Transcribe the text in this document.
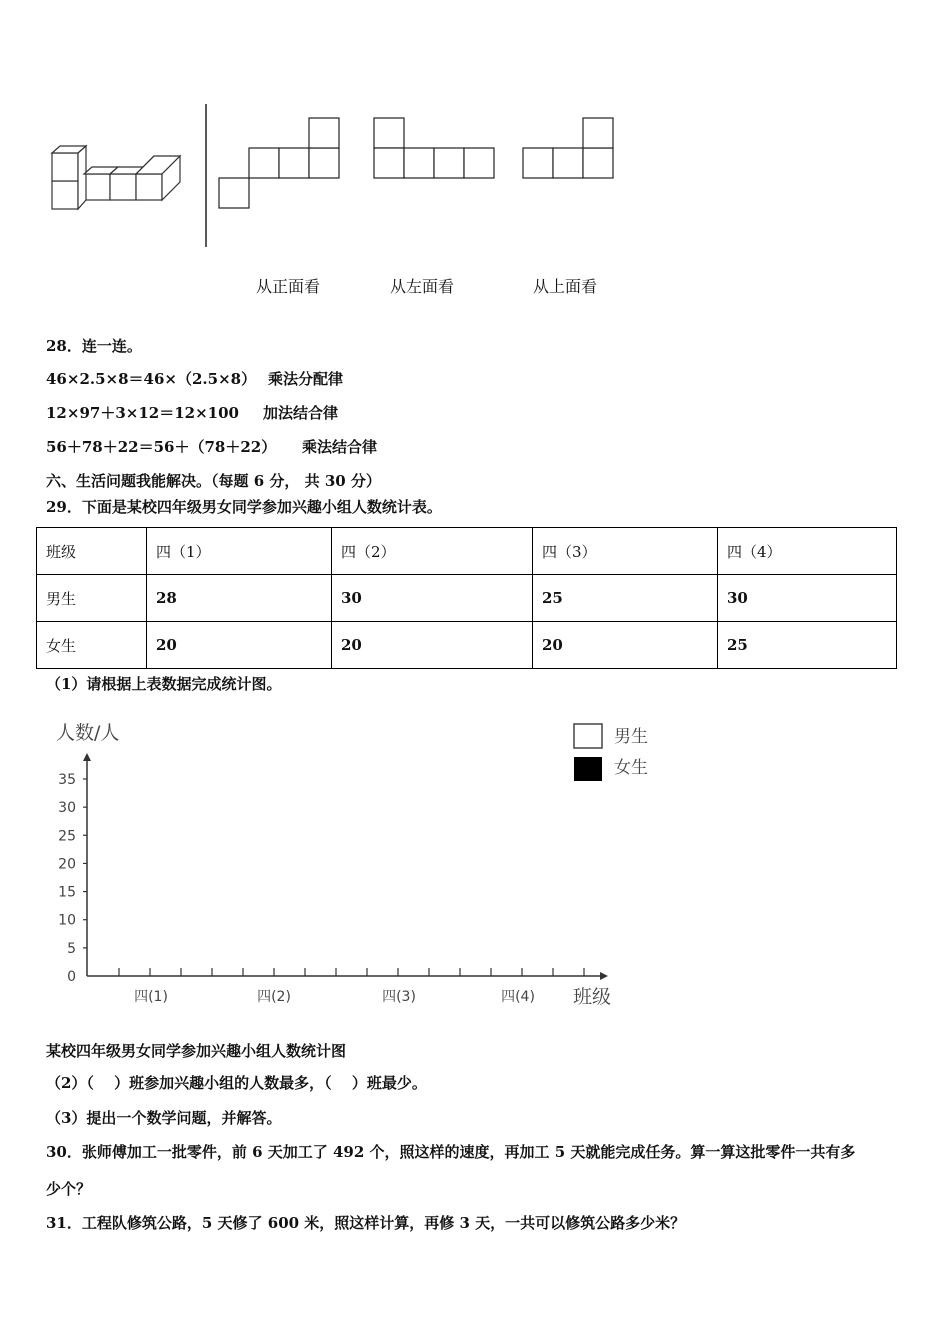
从正面看	从左面看	从上面看
28．连一连。
46×2.5×8＝46×（2.5×8） 乘法分配律
12×97＋3×12＝12×100 加法结合律
56＋78＋22＝56＋（78＋22） 乘法结合律
六、生活问题我能解决。（每题 6 分， 共 30 分）
29．下面是某校四年级男女同学参加兴趣小组人数统计表。
班级	四（1）	四（2）	四（3）	四（4）
男生	28	30	25	30
女生	20	20	20	25
（1）请根据上表数据完成统计图。
人数/人
班级
男生
女生
0
5
10
15
20
25
30
35
四(1)	四(2)	四(3)	四(4)
某校四年级男女同学参加兴趣小组人数统计图
（2）（　 ）班参加兴趣小组的人数最多，（　 ）班最少。
（3）提出一个数学问题，并解答。
30．张师傅加工一批零件，前 6 天加工了 492 个，照这样的速度，再加工 5 天就能完成任务。算一算这批零件一共有多
少个？
31．工程队修筑公路，5 天修了 600 米，照这样计算，再修 3 天，一共可以修筑公路多少米？
